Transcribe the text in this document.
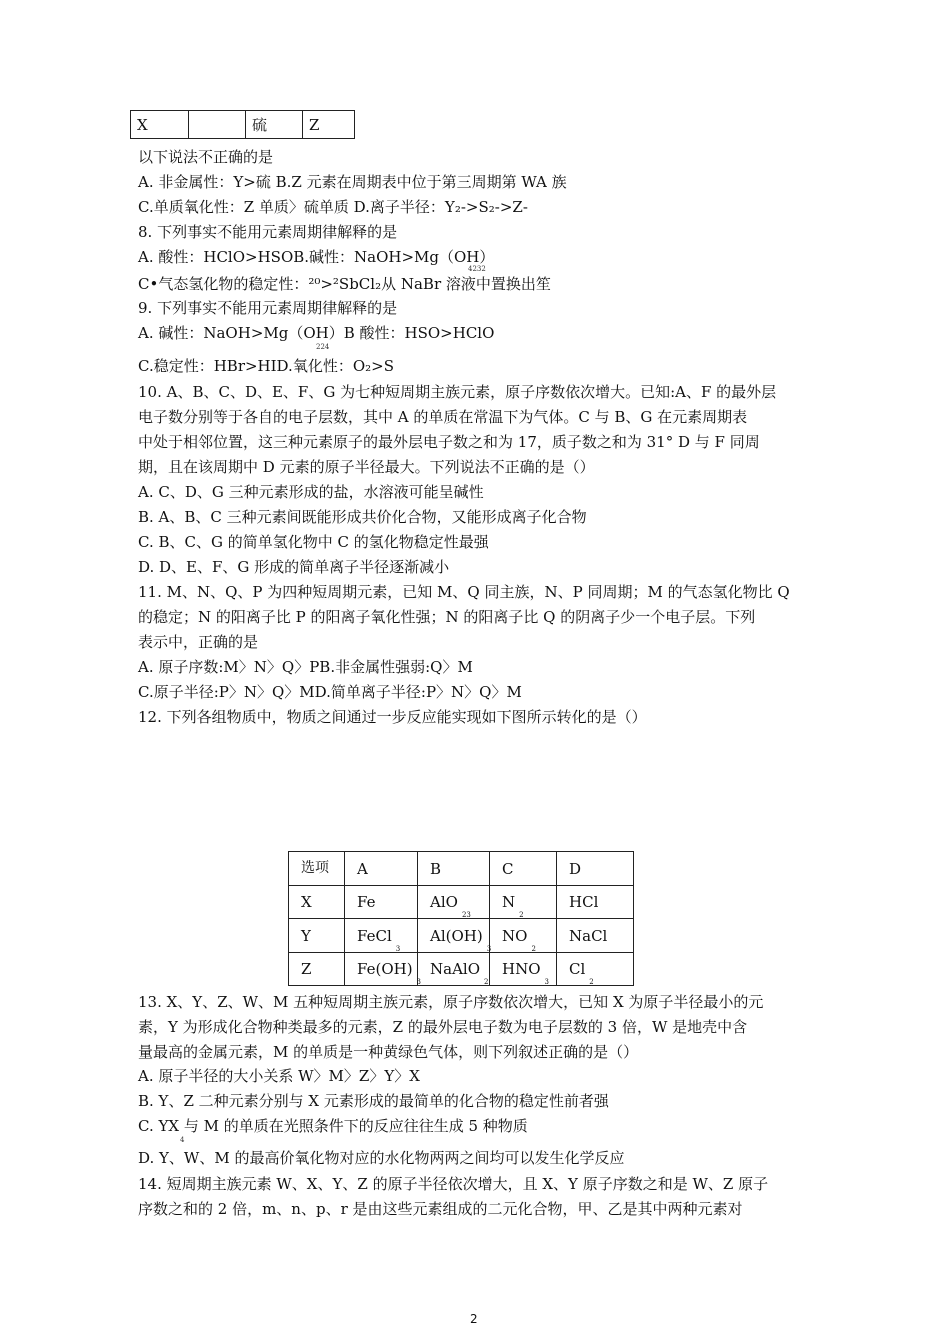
X		硫	Z
以下说法不正确的是
A. 非金属性：Y>硫 B.Z 元素在周期表中位于第三周期第 WA 族
C.单质氧化性：Z 单质〉硫单质 D.离子半径：Y₂->S₂->Z-
8. 下列事实不能用元素周期律解释的是
A. 酸性：HClO>HSOB.碱性：NaOH>Mg（OH）
4232
C•气态氢化物的稳定性：²⁰>²SbCl₂从 NaBr 溶液中置换出笙
9. 下列事实不能用元素周期律解释的是
A. 碱性：NaOH>Mg（OH）B 酸性：HSO>HClO
224
C.稳定性：HBr>HID.氧化性：O₂>S
10. A、B、C、D、E、F、G 为七种短周期主族元素，原子序数依次增大。已知:A、F 的最外层
电子数分别等于各自的电子层数，其中 A 的单质在常温下为气体。C 与 B、G 在元素周期表
中处于相邻位置，这三种元素原子的最外层电子数之和为 17，质子数之和为 31° D 与 F 同周
期，且在该周期中 D 元素的原子半径最大。下列说法不正确的是（）
A. C、D、G 三种元素形成的盐，水溶液可能呈碱性
B. A、B、C 三种元素间既能形成共价化合物，又能形成离子化合物
C. B、C、G 的简单氢化物中 C 的氢化物稳定性最强
D. D、E、F、G 形成的简单离子半径逐渐减小
11. M、N、Q、P 为四种短周期元素，已知 M、Q 同主族，N、P 同周期；M 的气态氢化物比 Q
的稳定；N 的阳离子比 P 的阳离子氧化性强；N 的阳离子比 Q 的阴离子少一个电子层。下列
表示中，正确的是
A. 原子序数:M〉N〉Q〉PB.非金属性强弱:Q〉M
C.原子半径:P〉N〉Q〉MD.简单离子半径:P〉N〉Q〉M
12. 下列各组物质中，物质之间通过一步反应能实现如下图所示转化的是（）
选项	A	B	C	D
X	Fe	AlO$_{23}$	$N_2$	HCl
Y	FeCl$_3$	$Al(OH)_3$	$NO_2$	NaCl
Z	$Fe(OH)_3$	NaAlO$_2$	$HNO_3$	$Cl_2$
13. X、Y、Z、W、M 五种短周期主族元素，原子序数依次增大，已知 X 为原子半径最小的元
素，Y 为形成化合物种类最多的元素，Z 的最外层电子数为电子层数的 3 倍，W 是地壳中含
量最高的金属元素，M 的单质是一种黄绿色气体，则下列叙述正确的是（）
A. 原子半径的大小关系 W〉M〉Z〉Y〉X
B. Y、Z 二种元素分别与 X 元素形成的最简单的化合物的稳定性前者强
C. YX 与 M 的单质在光照条件下的反应往往生成 5 种物质
4
D. Y、W、M 的最高价氧化物对应的水化物两两之间均可以发生化学反应
14. 短周期主族元素 W、X、Y、Z 的原子半径依次增大，且 X、Y 原子序数之和是 W、Z 原子
序数之和的 2 倍，m、n、p、r 是由这些元素组成的二元化合物，甲、乙是其中两种元素对
2
